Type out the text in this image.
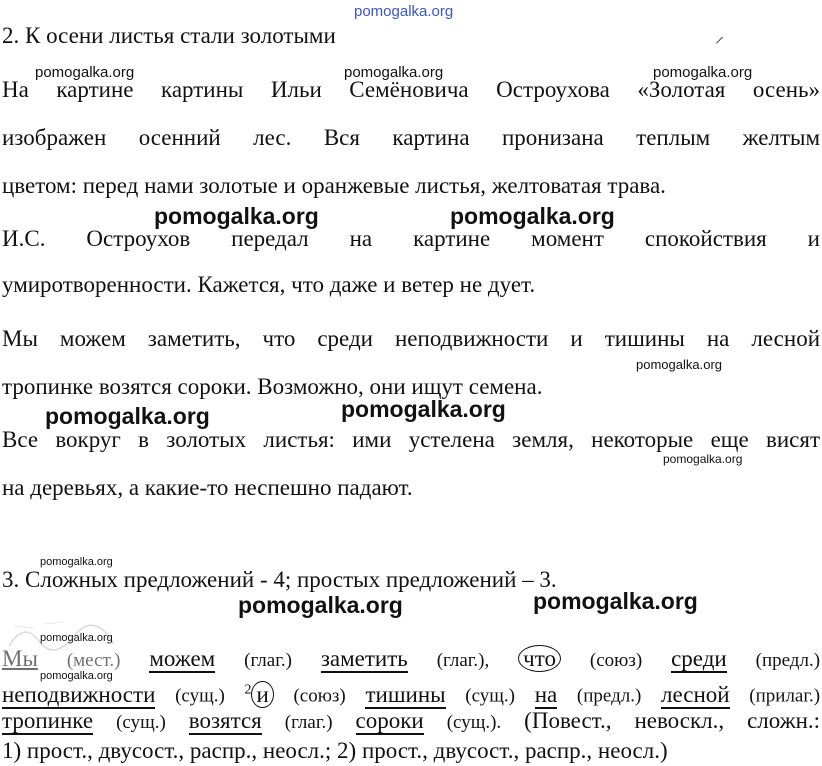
pomogalka.org
⸝
2. К осени листья стали золотыми
pomogalka.org	pomogalka.org	pomogalka.org
На картине картины Ильи Семёновича Остроухова «Золотая осень»
изображен осенний лес. Вся картина пронизана теплым желтым
цветом: перед нами золотые и оранжевые листья, желтоватая трава.
pomogalka.org	pomogalka.org
И.С. Остроухов передал на картине момент спокойствия и
умиротворенности. Кажется, что даже и ветер не дует.
Мы можем заметить, что среди неподвижности и тишины на лесной
pomogalka.org
тропинке возятся сороки. Возможно, они ищут семена.
pomogalka.org	pomogalka.org
Все вокруг в золотых листья: ими устелена земля, некоторые еще висят
pomogalka.org
на деревьях, а какие-то неспешно падают.
pomogalka.org
3. Сложных предложений - 4; простых предложений – 3.
pomogalka.org	pomogalka.org
pomogalka.org
Мы (мест.) можем (глаг.) заметить (глаг.), что (союз) среди (предл.)
pomogalka.org
неподвижности (сущ.) $^2$ и (союз) тишины (сущ.) на (предл.) лесной (прилаг.)
тропинке (сущ.) возятся (глаг.) сороки (сущ.). (Повест., невоскл., сложн.:
1) прост., двусост., распр., неосл.; 2) прост., двусост., распр., неосл.)
